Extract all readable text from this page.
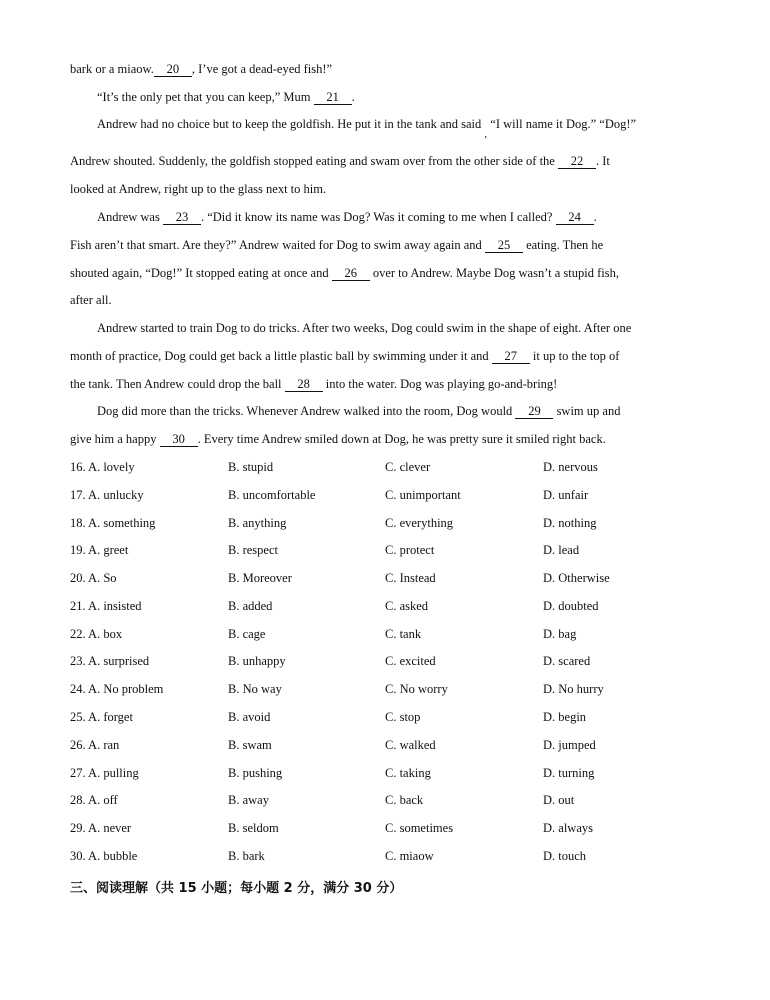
bark or a miaow. 20 , I’ve got a dead-eyed fish!”
“It’s the only pet that you can keep,” Mum 21 .
Andrew had no choice but to keep the goldfish. He put it in the tank and said , “I will name it Dog.” “Dog!”
Andrew shouted. Suddenly, the goldfish stopped eating and swam over from the other side of the 22 . It
looked at Andrew, right up to the glass next to him.
Andrew was 23 . “Did it know its name was Dog? Was it coming to me when I called? 24 .
Fish aren’t that smart. Are they?” Andrew waited for Dog to swim away again and 25 eating. Then he
shouted again, “Dog!” It stopped eating at once and 26 over to Andrew. Maybe Dog wasn’t a stupid fish,
after all.
Andrew started to train Dog to do tricks. After two weeks, Dog could swim in the shape of eight. After one
month of practice, Dog could get back a little plastic ball by swimming under it and 27 it up to the top of
the tank. Then Andrew could drop the ball 28 into the water. Dog was playing go-and-bring!
Dog did more than the tricks. Whenever Andrew walked into the room, Dog would 29 swim up and
give him a happy 30 . Every time Andrew smiled down at Dog, he was pretty sure it smiled right back.
16. A. lovely	B. stupid	C. clever	D. nervous
17. A. unlucky	B. uncomfortable	C. unimportant	D. unfair
18. A. something	B. anything	C. everything	D. nothing
19. A. greet	B. respect	C. protect	D. lead
20. A. So	B. Moreover	C. Instead	D. Otherwise
21. A. insisted	B. added	C. asked	D. doubted
22. A. box	B. cage	C. tank	D. bag
23. A. surprised	B. unhappy	C. excited	D. scared
24. A. No problem	B. No way	C. No worry	D. No hurry
25. A. forget	B. avoid	C. stop	D. begin
26. A. ran	B. swam	C. walked	D. jumped
27. A. pulling	B. pushing	C. taking	D. turning
28. A. off	B. away	C. back	D. out
29. A. never	B. seldom	C. sometimes	D. always
30. A. bubble	B. bark	C. miaow	D. touch
三、阅读理解（共 15 小题；每小题 2 分，满分 30 分）
